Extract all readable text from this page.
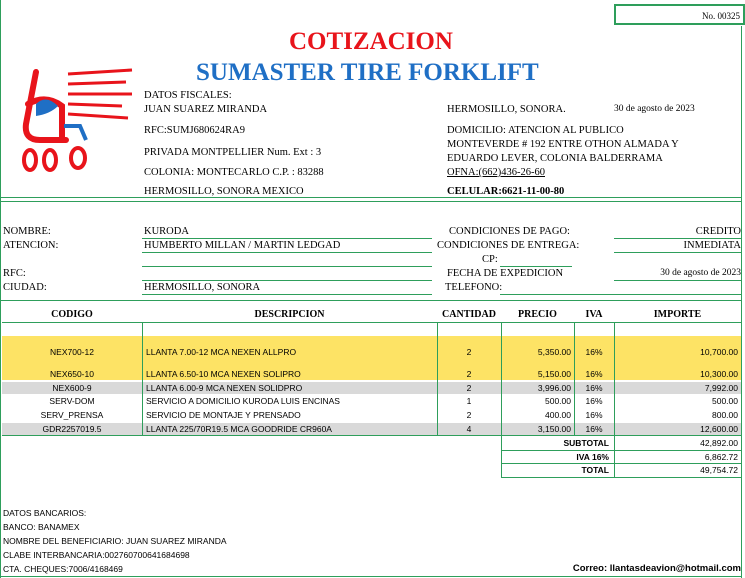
No. 00325
COTIZACION
SUMASTER TIRE FORKLIFT
DATOS FISCALES:
JUAN SUAREZ MIRANDA
RFC:SUMJ680624RA9
PRIVADA MONTPELLIER Num. Ext : 3
COLONIA: MONTECARLO C.P. : 83288
HERMOSILLO, SONORA MEXICO
HERMOSILLO, SONORA.	30 de agosto de 2023
DOMICILIO: ATENCION AL PUBLICO
MONTEVERDE # 192 ENTRE OTHON ALMADA Y
EDUARDO LEVER, COLONIA BALDERRAMA
OFNA:(662)436-26-60
CELULAR:6621-11-00-80
NOMBRE:	KURODA
ATENCION:	HUMBERTO MILLAN / MARTIN LEDGAD
RFC:
CIUDAD:	HERMOSILLO, SONORA
CONDICIONES DE PAGO:	CREDITO
CONDICIONES DE ENTREGA:	INMEDIATA
CP:
FECHA DE EXPEDICION	30 de agosto de 2023
TELEFONO:
CODIGO	DESCRIPCION	CANTIDAD	PRECIO	IVA	IMPORTE
NEX700-12	LLANTA 7.00-12 MCA NEXEN ALLPRO	2	5,350.00	16%	10,700.00
NEX650-10	LLANTA 6.50-10 MCA NEXEN SOLIPRO	2	5,150.00	16%	10,300.00
NEX600-9	LLANTA 6.00-9 MCA NEXEN SOLIDPRO	2	3,996.00	16%	7,992.00
SERV-DOM	SERVICIO A DOMICILIO KURODA LUIS ENCINAS	1	500.00	16%	500.00
SERV_PRENSA	SERVICIO DE MONTAJE Y PRENSADO	2	400.00	16%	800.00
GDR2257019.5	LLANTA 225/70R19.5 MCA GOODRIDE CR960A	4	3,150.00	16%	12,600.00
SUBTOTAL	42,892.00
IVA 16%	6,862.72
TOTAL	49,754.72
DATOS BANCARIOS:
BANCO: BANAMEX
NOMBRE DEL BENEFICIARIO: JUAN SUAREZ MIRANDA
CLABE INTERBANCARIA:002760700641684698
CTA. CHEQUES:7006/4168469	Correo: llantasdeavion@hotmail.com
